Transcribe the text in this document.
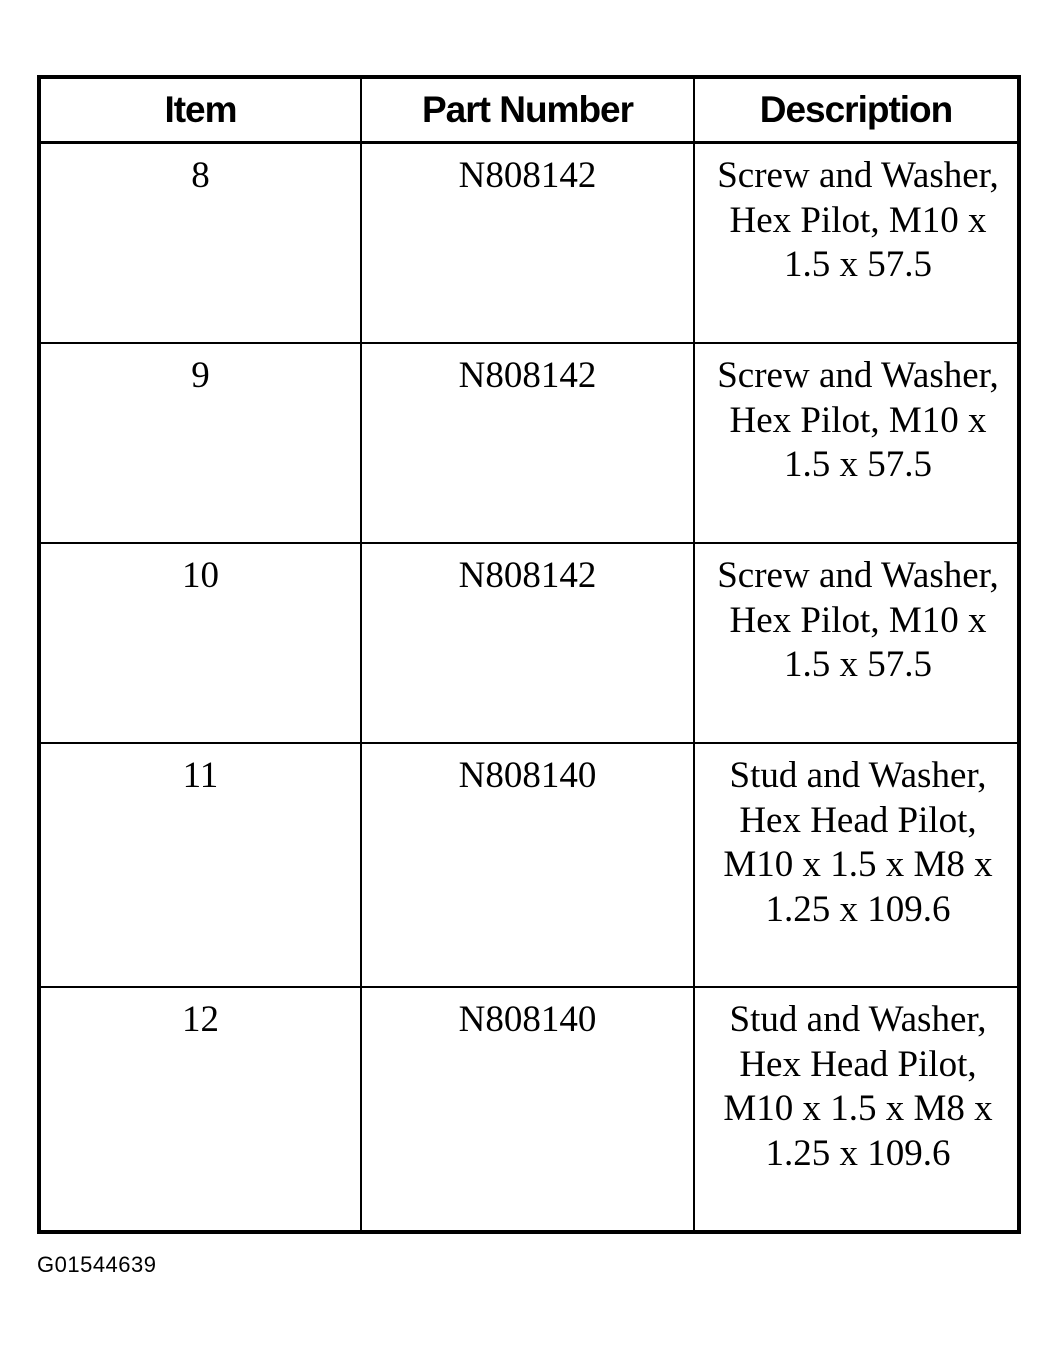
Item	Part Number	Description
8	N808142	Screw and Washer, Hex Pilot, M10 x 1.5 x 57.5
9	N808142	Screw and Washer, Hex Pilot, M10 x 1.5 x 57.5
10	N808142	Screw and Washer, Hex Pilot, M10 x 1.5 x 57.5
11	N808140	Stud and Washer, Hex Head Pilot, M10 x 1.5 x M8 x 1.25 x 109.6
12	N808140	Stud and Washer, Hex Head Pilot, M10 x 1.5 x M8 x 1.25 x 109.6
G01544639
